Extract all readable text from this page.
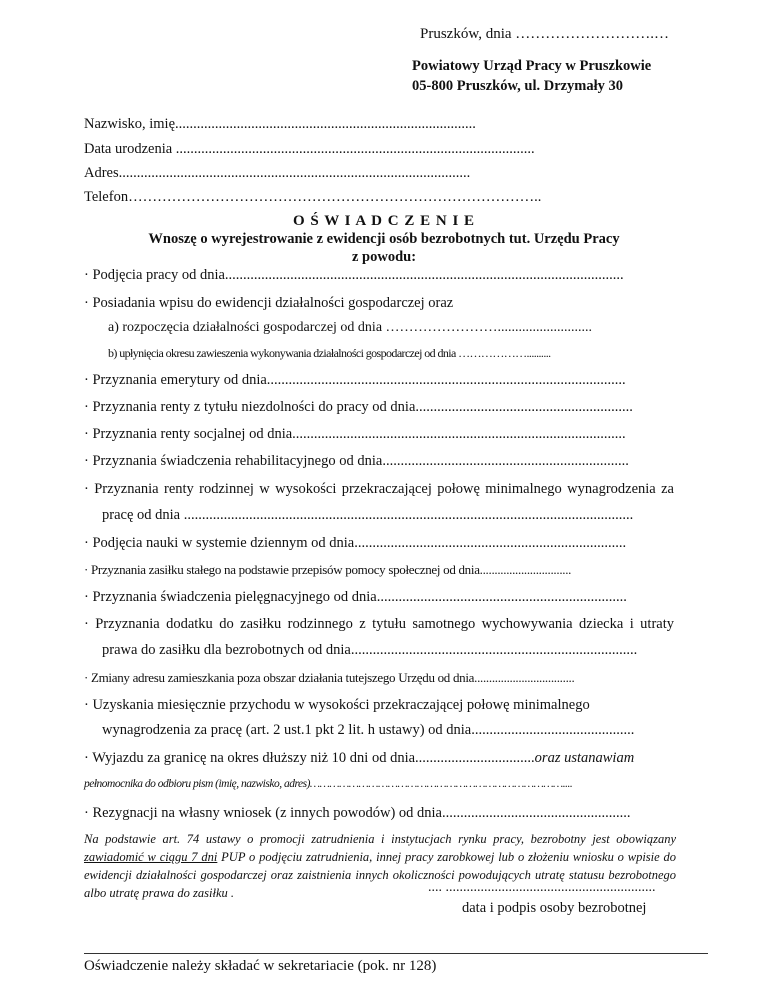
Pruszków, dnia ……………………….…
Powiatowy Urząd Pracy w Pruszkowie
05-800 Pruszków, ul. Drzymały 30
Nazwisko, imię...................................................................................
Data urodzenia ...................................................................................................
Adres.................................................................................................
Telefon…………………………………………………………………………..
O Ś W I A D C Z E N I E
Wnoszę o wyrejestrowanie z ewidencji osób bezrobotnych tut. Urzędu Pracy
z powodu:
· Podjęcia pracy od dnia..............................................................................................................
· Posiadania wpisu do ewidencji działalności gospodarczej oraz
a) rozpoczęcia działalności gospodarczej od dnia ……………………...........................
b) upłynięcia okresu zawieszenia wykonywania działalności gospodarczej od dnia ………………..........
· Przyznania emerytury od dnia...................................................................................................
· Przyznania renty z tytułu niezdolności do pracy od dnia............................................................
· Przyznania renty socjalnej od dnia............................................................................................
· Przyznania świadczenia rehabilitacyjnego od dnia....................................................................
· Przyznania renty rodzinnej w wysokości przekraczającej połowę minimalnego wynagrodzenia za
pracę od dnia ............................................................................................................................
· Podjęcia nauki w systemie dziennym od dnia...........................................................................
· Przyznania zasiłku stałego na podstawie przepisów pomocy społecznej od dnia...............................
· Przyznania świadczenia pielęgnacyjnego od dnia.....................................................................
· Przyznania dodatku do zasiłku rodzinnego z tytułu samotnego wychowywania dziecka i utraty
prawa do zasiłku dla bezrobotnych od dnia...............................................................................
· Zmiany adresu zamieszkania poza obszar działania tutejszego Urzędu od dnia..................................
· Uzyskania miesięcznie przychodu w wysokości przekraczającej połowę minimalnego
wynagrodzenia za pracę (art. 2 ust.1 pkt 2 lit. h ustawy) od dnia.............................................
· Wyjazdu za granicę na okres dłuższy niż 10 dni od dnia.................................oraz ustanawiam
pełnomocnika do odbioru pism (imię, nazwisko, adres)……………………………………………………………………....
· Rezygnacji na własny wniosek (z innych powodów) od dnia....................................................
Na podstawie art. 74 ustawy o promocji zatrudnienia i instytucjach rynku pracy, bezrobotny jest obowiązany zawiadomić w ciągu 7 dni PUP o podjęciu zatrudnienia, innej pracy zarobkowej lub o złożeniu wniosku o wpisie do ewidencji działalności gospodarczej oraz zaistnienia innych okoliczności powodujących utratę statusu bezrobotnego albo utratę prawa do zasiłku .	.... ............................................................
data i podpis osoby bezrobotnej
Oświadczenie należy składać w sekretariacie (pok. nr 128)
